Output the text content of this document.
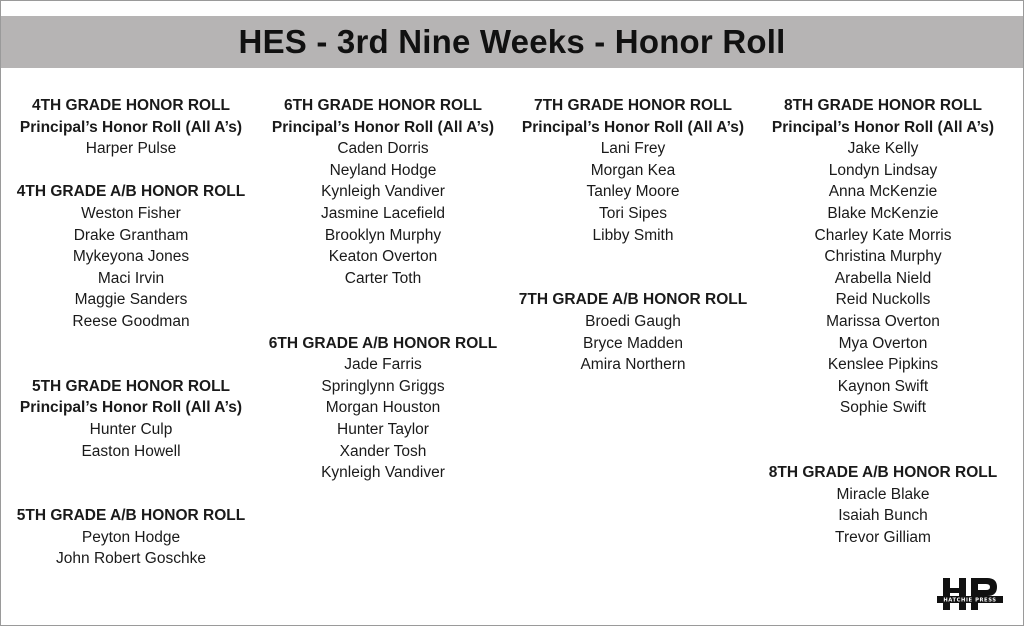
HES - 3rd Nine Weeks - Honor Roll
4TH GRADE HONOR ROLL
Principal’s Honor Roll (All A’s)
Harper Pulse
4TH GRADE A/B HONOR ROLL
Weston Fisher
Drake Grantham
Mykeyona Jones
Maci Irvin
Maggie Sanders
Reese Goodman
5TH GRADE HONOR ROLL
Principal’s Honor Roll (All A’s)
Hunter Culp
Easton Howell
5TH GRADE A/B HONOR ROLL
Peyton Hodge
John Robert Goschke
6TH GRADE HONOR ROLL
Principal’s Honor Roll (All A’s)
Caden Dorris
Neyland Hodge
Kynleigh Vandiver
Jasmine Lacefield
Brooklyn Murphy
Keaton Overton
Carter Toth
6TH GRADE A/B HONOR ROLL
Jade Farris
Springlynn Griggs
Morgan Houston
Hunter Taylor
Xander Tosh
Kynleigh Vandiver
7TH GRADE HONOR ROLL
Principal’s Honor Roll (All A’s)
Lani Frey
Morgan Kea
Tanley Moore
Tori Sipes
Libby Smith
7TH GRADE A/B HONOR ROLL
Broedi Gaugh
Bryce Madden
Amira Northern
8TH GRADE HONOR ROLL
Principal’s Honor Roll (All A’s)
Jake Kelly
Londyn Lindsay
Anna McKenzie
Blake McKenzie
Charley Kate Morris
Christina Murphy
Arabella Nield
Reid Nuckolls
Marissa Overton
Mya Overton
Kenslee Pipkins
Kaynon Swift
Sophie Swift
8TH GRADE A/B HONOR ROLL
Miracle Blake
Isaiah Bunch
Trevor Gilliam
HATCHIE PRESS
